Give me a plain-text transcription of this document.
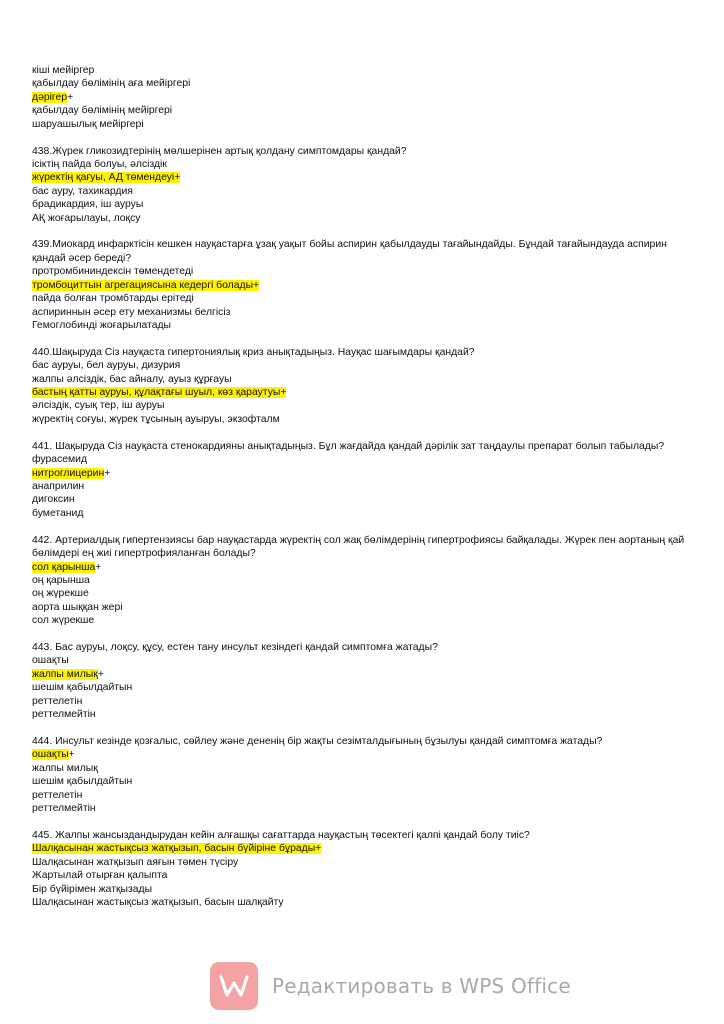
кіші мейіргер
қабылдау бөлімінің аға мейіргері
дәрігер+
қабылдау бөлімінің мейіргері
шаруашылық мейіргері
438.Жүрек гликозидтерінің мөлшерінен артық қолдану симптомдары қандай?
ісіктің пайда болуы, әлсіздік
жүректің қағуы, АД төмендеуі+
бас ауру, тахикардия
брадикардия, іш ауруы
АҚ жоғарылауы, лоқсу
439.Миокард инфарктісін кешкен науқастарға ұзақ уақыт бойы аспирин қабылдауды тағайындайды. Бұндай тағайындауда аспирин қандай әсер береді?
протромбининдексін төмендетеді
тромбоциттын агрегациясына кедергі болады+
пайда болған тромбтарды ерітеді
аспириннын әсер ету механизмы белгісіз
Гемоглобинді жоғарылатады
440.Шақыруда Сіз науқаста гипертониялық криз анықтадыңыз. Науқас шағымдары қандай?
бас ауруы, бел ауруы, дизурия
жалпы әлсіздік, бас айналу, ауыз құрғауы
бастың қатты ауруы, құлақтағы шуыл, көз қараутуы+
әлсіздік, суық тер, іш ауруы
жүректің соғуы, жүрек тұсының ауыруы, экзофталм
441. Шақыруда Сіз науқаста стенокардияны анықтадыңыз. Бұл жағдайда қандай дәрілік зат таңдаулы препарат болып табылады?
фурасемид
нитроглицерин+
анаприлин
дигоксин
буметанид
442. Артериалдық гипертензиясы бар науқастарда жүректің сол жақ бөлімдерінің гипертрофиясы байқалады. Жүрек пен аортаның қай бөлімдері ең жиі гипертрофияланған болады?
сол қарынша+
оң қарынша
оң жүрекше
аорта шыққан жері
сол жүрекше
443. Бас ауруы, лоқсу, құсу, естен тану инсульт кезіндегі қандай симптомға жатады?
ошақты
жалпы милық+
шешім қабылдайтын
реттелетін
реттелмейтін
444. Инсульт кезінде қозғалыс, сөйлеу және дененің бір жақты сезімталдығының бұзылуы қандай симптомға жатады?
ошақты+
жалпы милық
шешім қабылдайтын
реттелетін
реттелмейтін
445. Жалпы жансыздандырудан кейін алғашқы сағаттарда науқастың төсектегі қалпі қандай болу тиіс?
Шалқасынан жастықсыз жатқызып, басын бүйіріне бұрады+
Шалқасынан жатқызып аяғын төмен түсіру
Жартылай отырған қалыпта
Бір бүйірімен жатқызады
Шалқасынан жастықсыз жатқызып, басын шалқайту
Редактировать в WPS Office
